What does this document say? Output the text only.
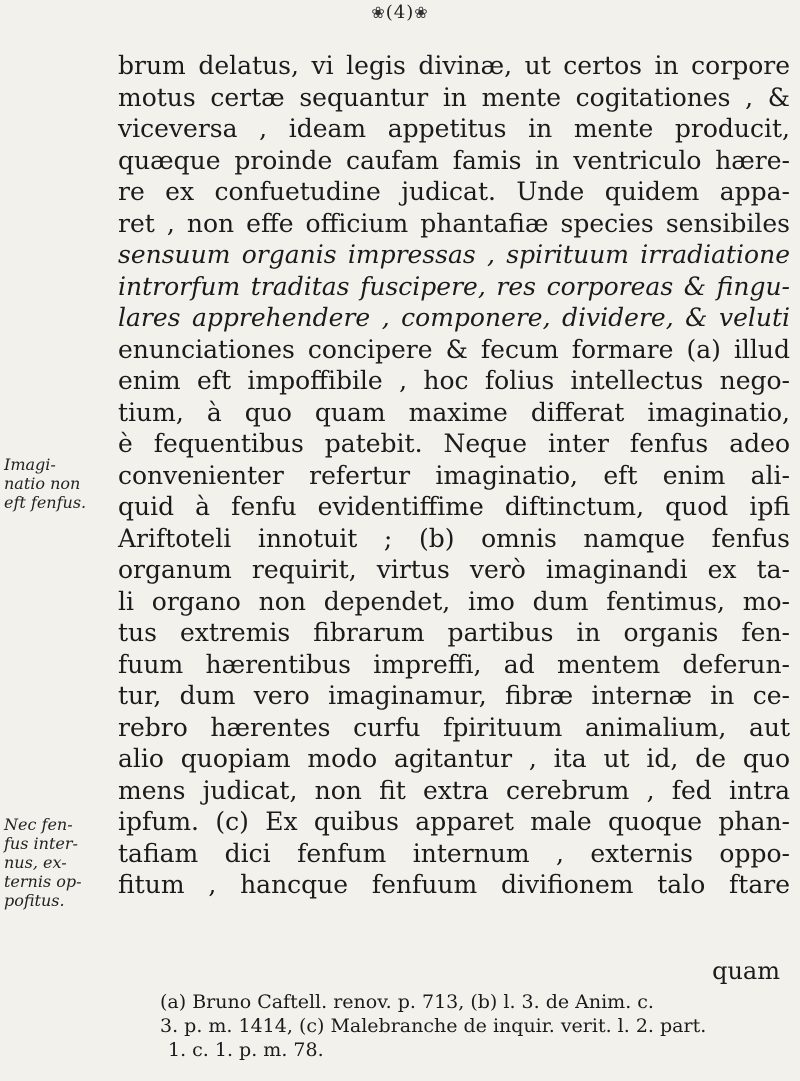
❀(4)❀
brum delatus, vi legis divinæ, ut certos in corpore
motus certæ sequantur in mente cogitationes , &
viceversa , ideam appetitus in mente producit,
quæque proinde caufam famis in ventriculo hære-
re ex confuetudine judicat. Unde quidem appa-
ret , non effe officium phantafiæ species sensibiles
sensuum organis impressas , spirituum irradiatione
introrfum traditas fuscipere, res corporeas & fingu-
lares apprehendere , componere, dividere, & veluti
enunciationes concipere & fecum formare (a) illud
enim eft impoffibile , hoc folius intellectus nego-
tium, à quo quam maxime differat imaginatio,
è fequentibus patebit. Neque inter fenfus adeo
convenienter refertur imaginatio, eft enim ali-
quid à fenfu evidentiffime diftinctum, quod ipfi
Ariftoteli innotuit ; (b) omnis namque fenfus
organum requirit, virtus verò imaginandi ex ta-
li organo non dependet, imo dum fentimus, mo-
tus extremis fibrarum partibus in organis fen-
fuum hærentibus impreffi, ad mentem deferun-
tur, dum vero imaginamur, fibræ internæ in ce-
rebro hærentes curfu fpirituum animalium, aut
alio quopiam modo agitantur , ita ut id, de quo
mens judicat, non fit extra cerebrum , fed intra
ipfum. (c) Ex quibus apparet male quoque phan-
tafiam dici fenfum internum , externis oppo-
fitum , hancque fenfuum divifionem talo ftare
Imagi-
natio non
eft fenfus.
Nec fen-
fus inter-
nus, ex-
ternis op-
pofitus.
quam
(a) Bruno Caftell. renov. p. 713, (b) l. 3. de Anim. c.
3. p. m. 1414, (c) Malebranche de inquir. verit. l. 2. part.
1. c. 1. p. m. 78.
